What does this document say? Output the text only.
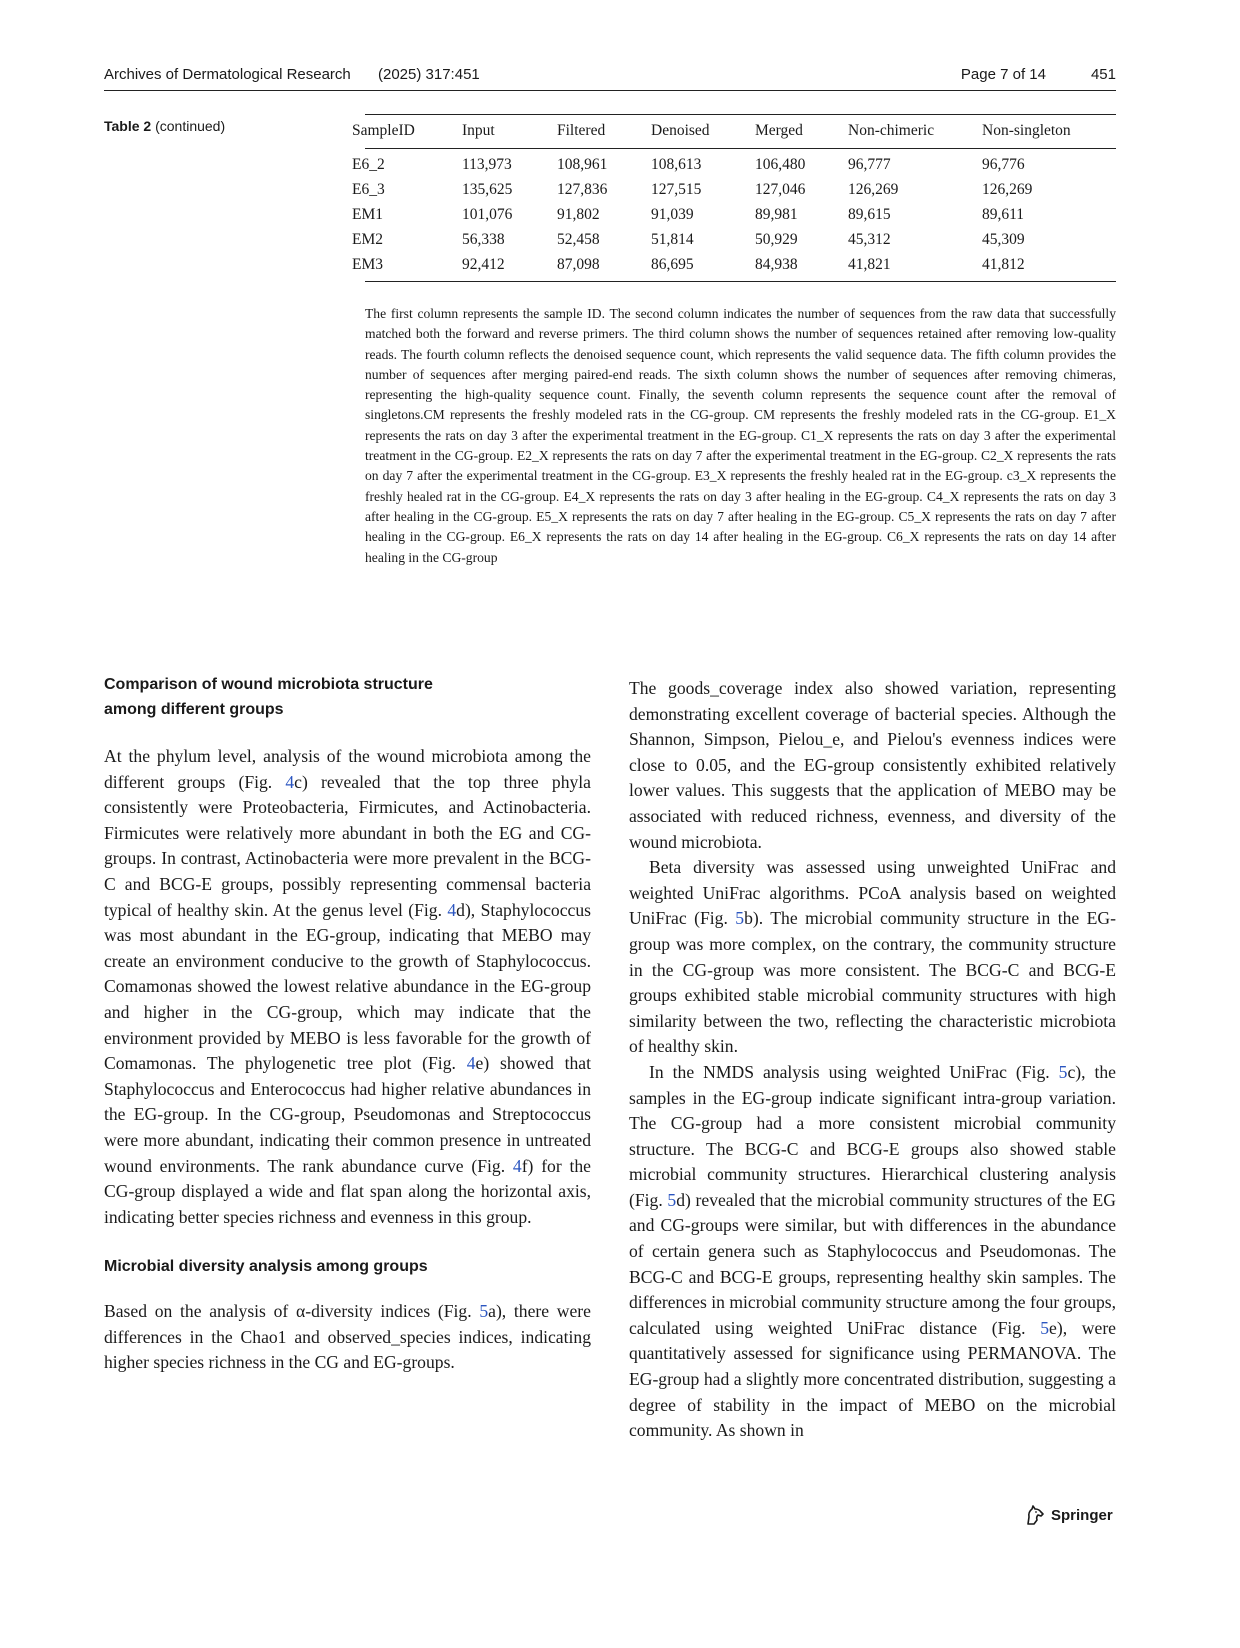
Archives of Dermatological Research (2025) 317:451	Page 7 of 14	451
Table 2 (continued)	SampleID	Input	Filtered	Denoised	Merged	Non-chimeric	Non-singleton
E6_2	113,973	108,961	108,613	106,480	96,777	96,776
E6_3	135,625	127,836	127,515	127,046	126,269	126,269
EM1	101,076	91,802	91,039	89,981	89,615	89,611
EM2	56,338	52,458	51,814	50,929	45,312	45,309
EM3	92,412	87,098	86,695	84,938	41,821	41,812
The first column represents the sample ID. The second column indicates the number of sequences from the raw data that successfully matched both the forward and reverse primers. The third column shows the number of sequences retained after removing low-quality reads. The fourth column reflects the denoised sequence count, which represents the valid sequence data. The fifth column provides the number of sequences after merging paired-end reads. The sixth column shows the number of sequences after removing chimeras, representing the high-quality sequence count. Finally, the seventh column represents the sequence count after the removal of singletons.CM represents the freshly modeled rats in the CG-group. CM represents the freshly modeled rats in the CG-group. E1_X represents the rats on day 3 after the experimental treatment in the EG-group. C1_X represents the rats on day 3 after the experimental treatment in the CG-group. E2_X represents the rats on day 7 after the experimental treatment in the EG-group. C2_X represents the rats on day 7 after the experimental treatment in the CG-group. E3_X represents the freshly healed rat in the EG-group. c3_X represents the freshly healed rat in the CG-group. E4_X represents the rats on day 3 after healing in the EG-group. C4_X represents the rats on day 3 after healing in the CG-group. E5_X represents the rats on day 7 after healing in the EG-group. C5_X represents the rats on day 7 after healing in the CG-group. E6_X represents the rats on day 14 after healing in the EG-group. C6_X represents the rats on day 14 after healing in the CG-group
Comparison of wound microbiota structure among different groups

At the phylum level, analysis of the wound microbiota among the different groups (Fig. 4c) revealed that the top three phyla consistently were Proteobacteria, Firmicutes, and Actinobacteria. Firmicutes were relatively more abundant in both the EG and CG-groups. In contrast, Actinobacteria were more prevalent in the BCG-C and BCG-E groups, possibly representing commensal bacteria typical of healthy skin. At the genus level (Fig. 4d), Staphylococcus was most abundant in the EG-group, indicating that MEBO may create an environment conducive to the growth of Staphylococcus. Comamonas showed the lowest relative abundance in the EG-group and higher in the CG-group, which may indicate that the environment provided by MEBO is less favorable for the growth of Comamonas. The phylogenetic tree plot (Fig. 4e) showed that Staphylococcus and Enterococcus had higher relative abundances in the EG-group. In the CG-group, Pseudomonas and Streptococcus were more abundant, indicating their common presence in untreated wound environments. The rank abundance curve (Fig. 4f) for the CG-group displayed a wide and flat span along the horizontal axis, indicating better species richness and evenness in this group.

Microbial diversity analysis among groups

Based on the analysis of α-diversity indices (Fig. 5a), there were differences in the Chao1 and observed_species indices, indicating higher species richness in the CG and EG-groups.

The goods_coverage index also showed variation, representing demonstrating excellent coverage of bacterial species. Although the Shannon, Simpson, Pielou_e, and Pielou's evenness indices were close to 0.05, and the EG-group consistently exhibited relatively lower values. This suggests that the application of MEBO may be associated with reduced richness, evenness, and diversity of the wound microbiota.

Beta diversity was assessed using unweighted UniFrac and weighted UniFrac algorithms. PCoA analysis based on weighted UniFrac (Fig. 5b). The microbial community structure in the EG-group was more complex, on the contrary, the community structure in the CG-group was more consistent. The BCG-C and BCG-E groups exhibited stable microbial community structures with high similarity between the two, reflecting the characteristic microbiota of healthy skin.

In the NMDS analysis using weighted UniFrac (Fig. 5c), the samples in the EG-group indicate significant intra-group variation. The CG-group had a more consistent microbial community structure. The BCG-C and BCG-E groups also showed stable microbial community structures. Hierarchical clustering analysis (Fig. 5d) revealed that the microbial community structures of the EG and CG-groups were similar, but with differences in the abundance of certain genera such as Staphylococcus and Pseudomonas. The BCG-C and BCG-E groups, representing healthy skin samples. The differences in microbial community structure among the four groups, calculated using weighted UniFrac distance (Fig. 5e), were quantitatively assessed for significance using PERMANOVA. The EG-group had a slightly more concentrated distribution, suggesting a degree of stability in the impact of MEBO on the microbial community. As shown in

Springer
